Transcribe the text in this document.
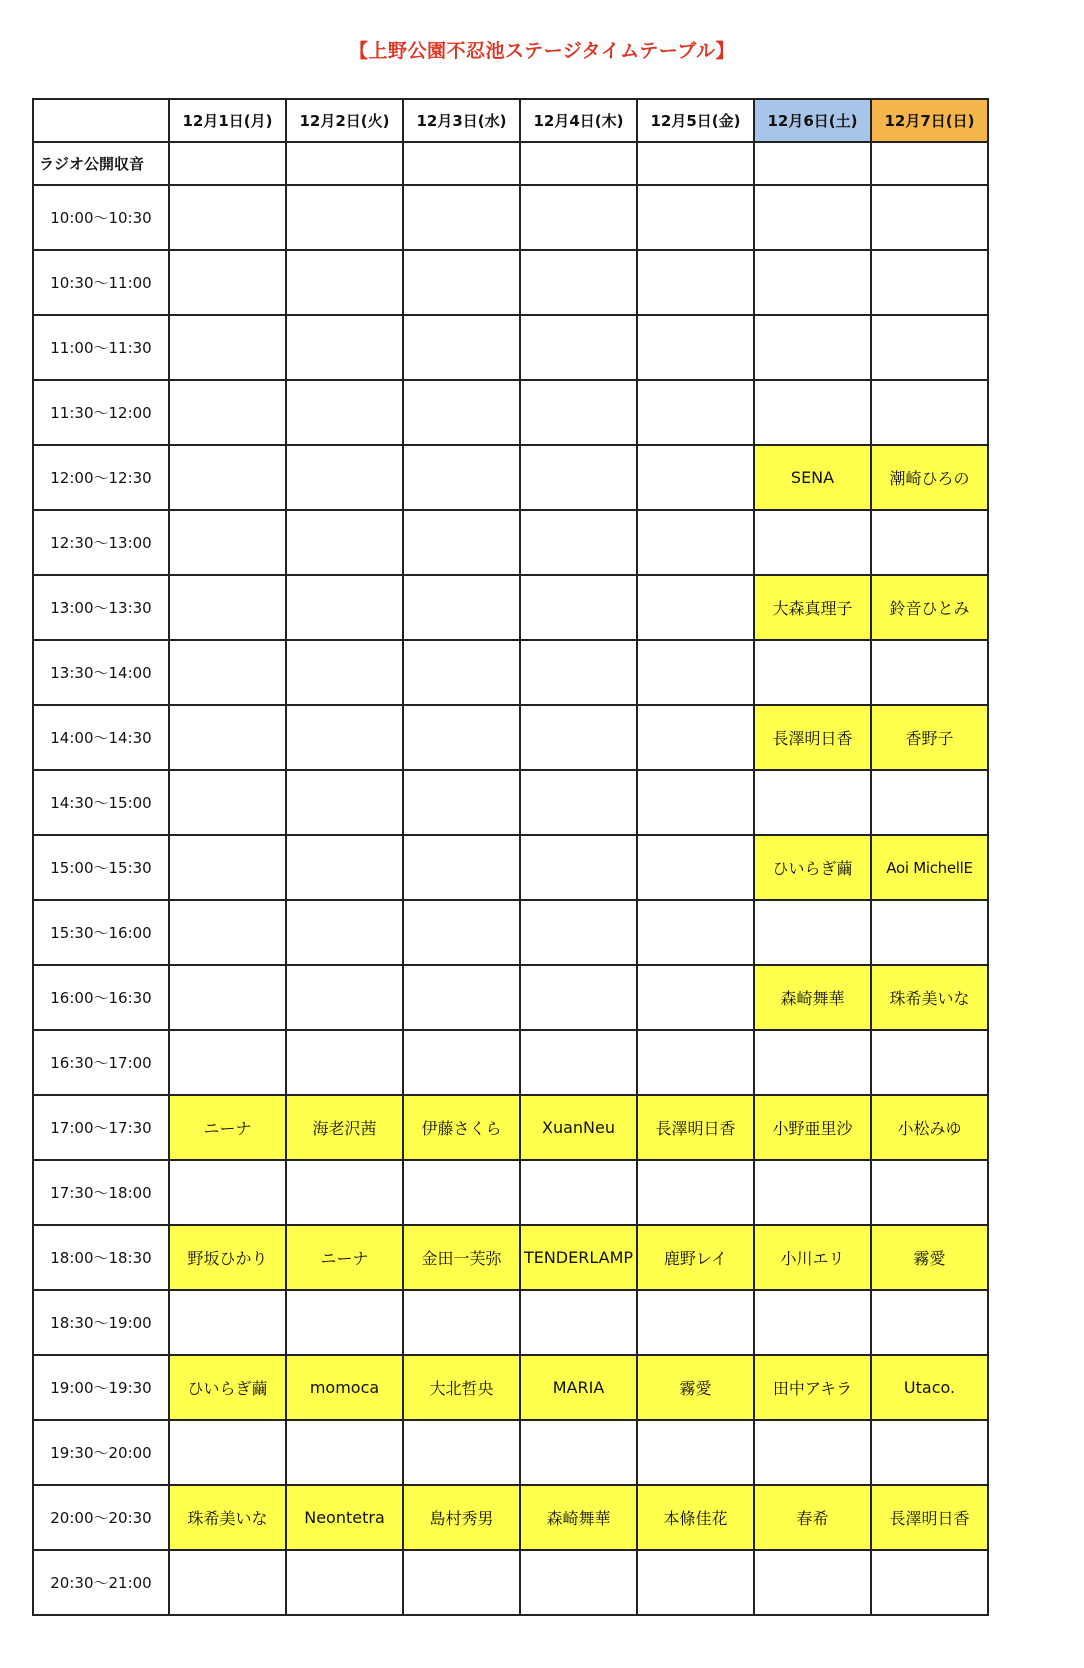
【上野公園不忍池ステージタイムテーブル】
	12月1日(月)	12月2日(火)	12月3日(水)	12月4日(木)	12月5日(金)	12月6日(土)	12月7日(日)
ラジオ公開収音							
10:00〜10:30							
10:30〜11:00							
11:00〜11:30							
11:30〜12:00							
12:00〜12:30						SENA	潮崎ひろの
12:30〜13:00							
13:00〜13:30						大森真理子	鈴音ひとみ
13:30〜14:00							
14:00〜14:30						長澤明日香	香野子
14:30〜15:00							
15:00〜15:30						ひいらぎ繭	Aoi MichellE
15:30〜16:00							
16:00〜16:30						森崎舞華	珠希美いな
16:30〜17:00							
17:00〜17:30	ニーナ	海老沢茜	伊藤さくら	XuanNeu	長澤明日香	小野亜里沙	小松みゆ
17:30〜18:00							
18:00〜18:30	野坂ひかり	ニーナ	金田一芙弥	TENDERLAMP	鹿野レイ	小川エリ	霧愛
18:30〜19:00							
19:00〜19:30	ひいらぎ繭	momoca	大北哲央	MARIA	霧愛	田中アキラ	Utaco.
19:30〜20:00							
20:00〜20:30	珠希美いな	Neontetra	島村秀男	森崎舞華	本條佳花	春希	長澤明日香
20:30〜21:00							
